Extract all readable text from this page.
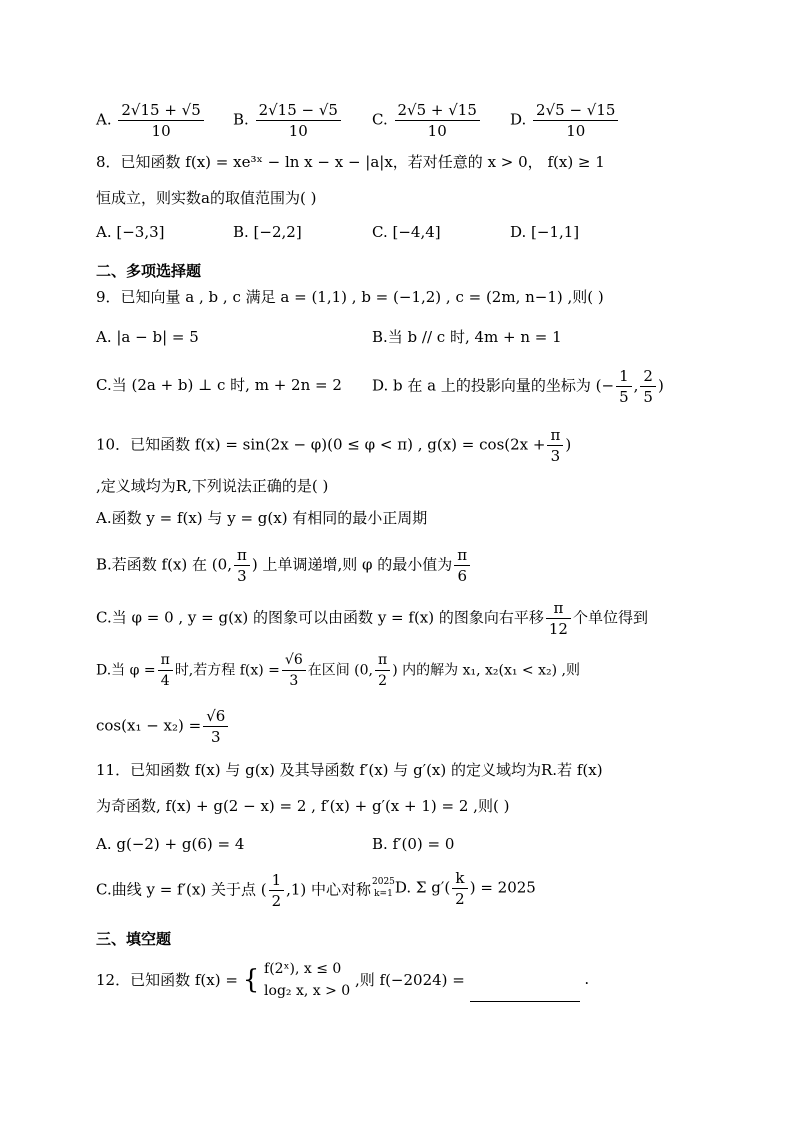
A. $\frac{2√15 + √5}{10} B$. $\frac{2√15 - √5}{10} C$. $\frac{2√5 + √15}{10} D$. $\frac{2√5 - √15}{10}$
8．已知函数 f(x) = xe³ˣ − ln x − x − |a|x，若对任意的 x > 0， f(x) ≥ 1
恒成立，则实数a的取值范围为( )
A. [−3,3]	B. [−2,2]	C. [−4,4]	D. [−1,1]
二、多项选择题
9．已知向量 a , b , c 满足 a = (1,1) , b = (−1,2) , c = (2m, n−1) ,则( )
A. |a − b| = 5	B.当 b // c 时, 4m + n = 1
C.当 (2a + b) ⊥ c 时, m + 2n = 2 D. b 在 a 上的投影向量的坐标为 (− $\frac{1}{5}$ , $\frac{2}{5}$ )
10．已知函数 f(x) = sin(2x − φ)(0 ≤ φ < π) , $g(x) = \cos(2x + \frac{\pi}{3}$ )
,定义域均为R,下列说法正确的是( )
A.函数 y = f(x) 与 y = g(x) 有相同的最小正周期
B.若函数 f(x) 在 (0, $\frac{\pi}{3}$ ) 上单调递增,则 φ 的最小值为 $\frac{\pi}{6}$
C.当 φ = 0 , y = g(x) 的图象可以由函数 y = f(x) 的图象向右平移 $\frac{\pi}{12}$ 个单位得到
D.当 $\varphi = \frac{\pi}{4}$ 时,若方程 $f(x) = \frac{√6}{3}$ 在区间 (0, $\frac{\pi}{2}$ ) 内的解为 x₁, x₂(x₁ < x₂) ,则
$\cos(x_1 - x_2) = \frac{√6}{3}$
11．已知函数 f(x) 与 g(x) 及其导函数 f′(x) 与 g′(x) 的定义域均为R.若 f(x)
为奇函数, f(x) + g(2 − x) = 2 , f′(x) + g′(x + 1) = 2 ,则( )
A. g(−2) + g(6) = 4	B. f′(0) = 0
C.曲线 y = f′(x) 关于点 ( $\frac{1}{2} ,1$) 中心对称 2025
k=1 D. Σ $g'( \frac{k}{2}$ ) = 2025
三、填空题
12．已知函数 f(x) = { f(2ˣ), x ≤ 0
log₂ x, x > 0
,则 f(−2024) =	.
